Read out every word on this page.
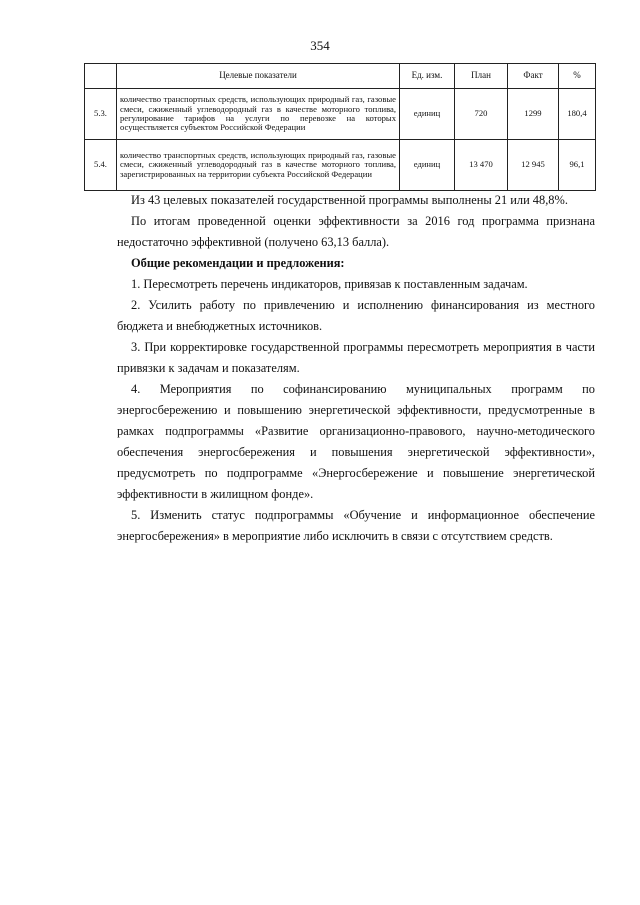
354
	Целевые показатели	Ед. изм.	План	Факт	%
5.3.	количество транспортных средств, использующих природный газ, газовые смеси, сжиженный углеводородный газ в качестве моторного топлива, регулирование тарифов на услуги по перевозке на которых осуществляется субъектом Российской Федерации	единиц	720	1299	180,4
5.4.	количество транспортных средств, использующих природный газ, газовые смеси, сжиженный углеводородный газ в качестве моторного топлива, зарегистрированных на территории субъекта Российской Федерации	единиц	13 470	12 945	96,1

Из 43 целевых показателей государственной программы выполнены 21 или 48,8%.

По итогам проведенной оценки эффективности за 2016 год программа признана недостаточно эффективной (получено 63,13 балла).

Общие рекомендации и предложения:

1. Пересмотреть перечень индикаторов, привязав к поставленным задачам.

2. Усилить работу по привлечению и исполнению финансирования из местного бюджета и внебюджетных источников.

3. При корректировке государственной программы пересмотреть мероприятия в части привязки к задачам и показателям.

4. Мероприятия по софинансированию муниципальных программ по энергосбережению и повышению энергетической эффективности, предусмотренные в рамках подпрограммы «Развитие организационно-правового, научно-методического обеспечения энергосбережения и повышения энергетической эффективности», предусмотреть по подпрограмме «Энергосбережение и повышение энергетической эффективности в жилищном фонде».

5. Изменить статус подпрограммы «Обучение и информационное обеспечение энергосбережения» в мероприятие либо исключить в связи с отсутствием средств.
